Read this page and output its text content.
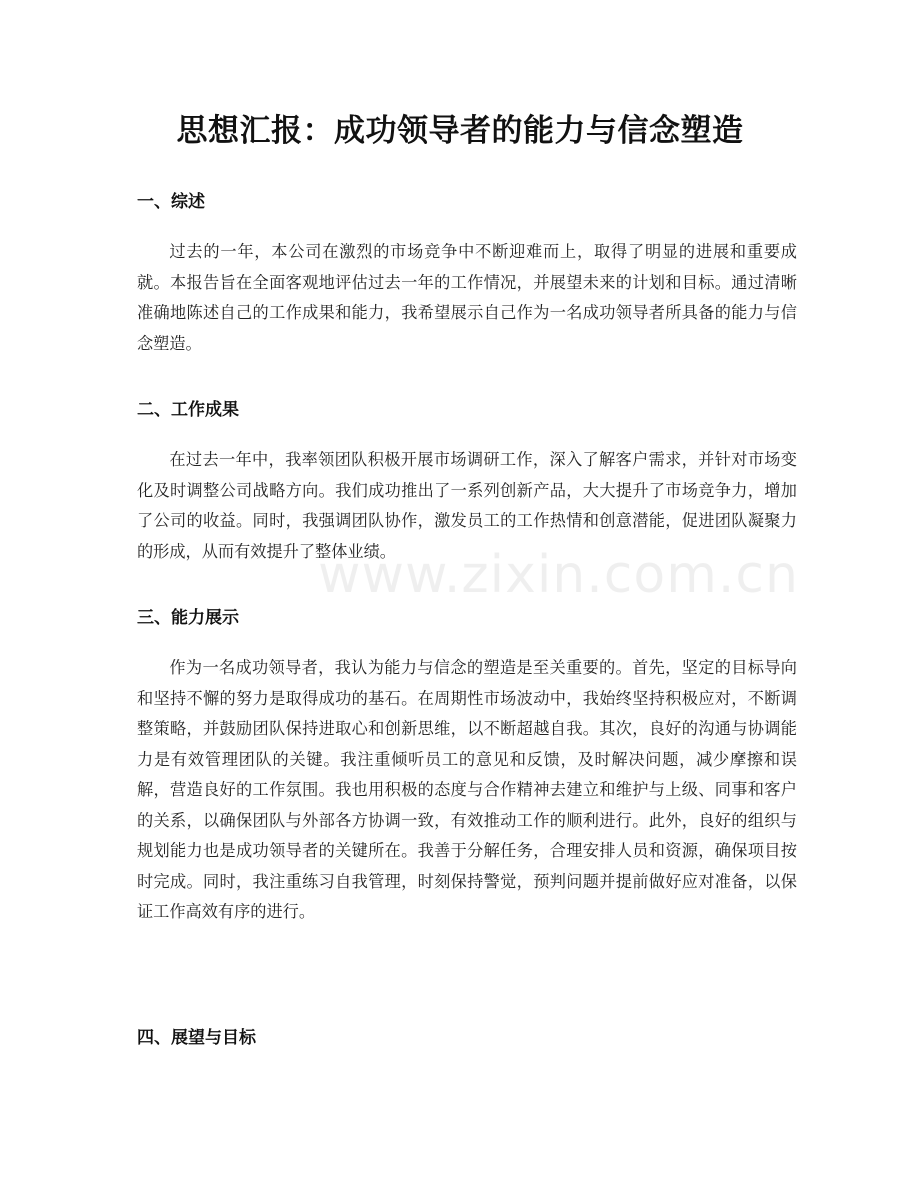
思想汇报：成功领导者的能力与信念塑造
一、综述

过去的一年，本公司在激烈的市场竞争中不断迎难而上，取得了明显的进展和重要成就。本报告旨在全面客观地评估过去一年的工作情况，并展望未来的计划和目标。通过清晰准确地陈述自己的工作成果和能力，我希望展示自己作为一名成功领导者所具备的能力与信念塑造。

二、工作成果

在过去一年中，我率领团队积极开展市场调研工作，深入了解客户需求，并针对市场变化及时调整公司战略方向。我们成功推出了一系列创新产品，大大提升了市场竞争力，增加了公司的收益。同时，我强调团队协作，激发员工的工作热情和创意潜能，促进团队凝聚力的形成，从而有效提升了整体业绩。

三、能力展示

作为一名成功领导者，我认为能力与信念的塑造是至关重要的。首先，坚定的目标导向和坚持不懈的努力是取得成功的基石。在周期性市场波动中，我始终坚持积极应对，不断调整策略，并鼓励团队保持进取心和创新思维，以不断超越自我。其次，良好的沟通与协调能力是有效管理团队的关键。我注重倾听员工的意见和反馈，及时解决问题，减少摩擦和误解，营造良好的工作氛围。我也用积极的态度与合作精神去建立和维护与上级、同事和客户的关系，以确保团队与外部各方协调一致，有效推动工作的顺利进行。此外，良好的组织与规划能力也是成功领导者的关键所在。我善于分解任务，合理安排人员和资源，确保项目按时完成。同时，我注重练习自我管理，时刻保持警觉，预判问题并提前做好应对准备，以保证工作高效有序的进行。

四、展望与目标
www.zixin.com.cn
